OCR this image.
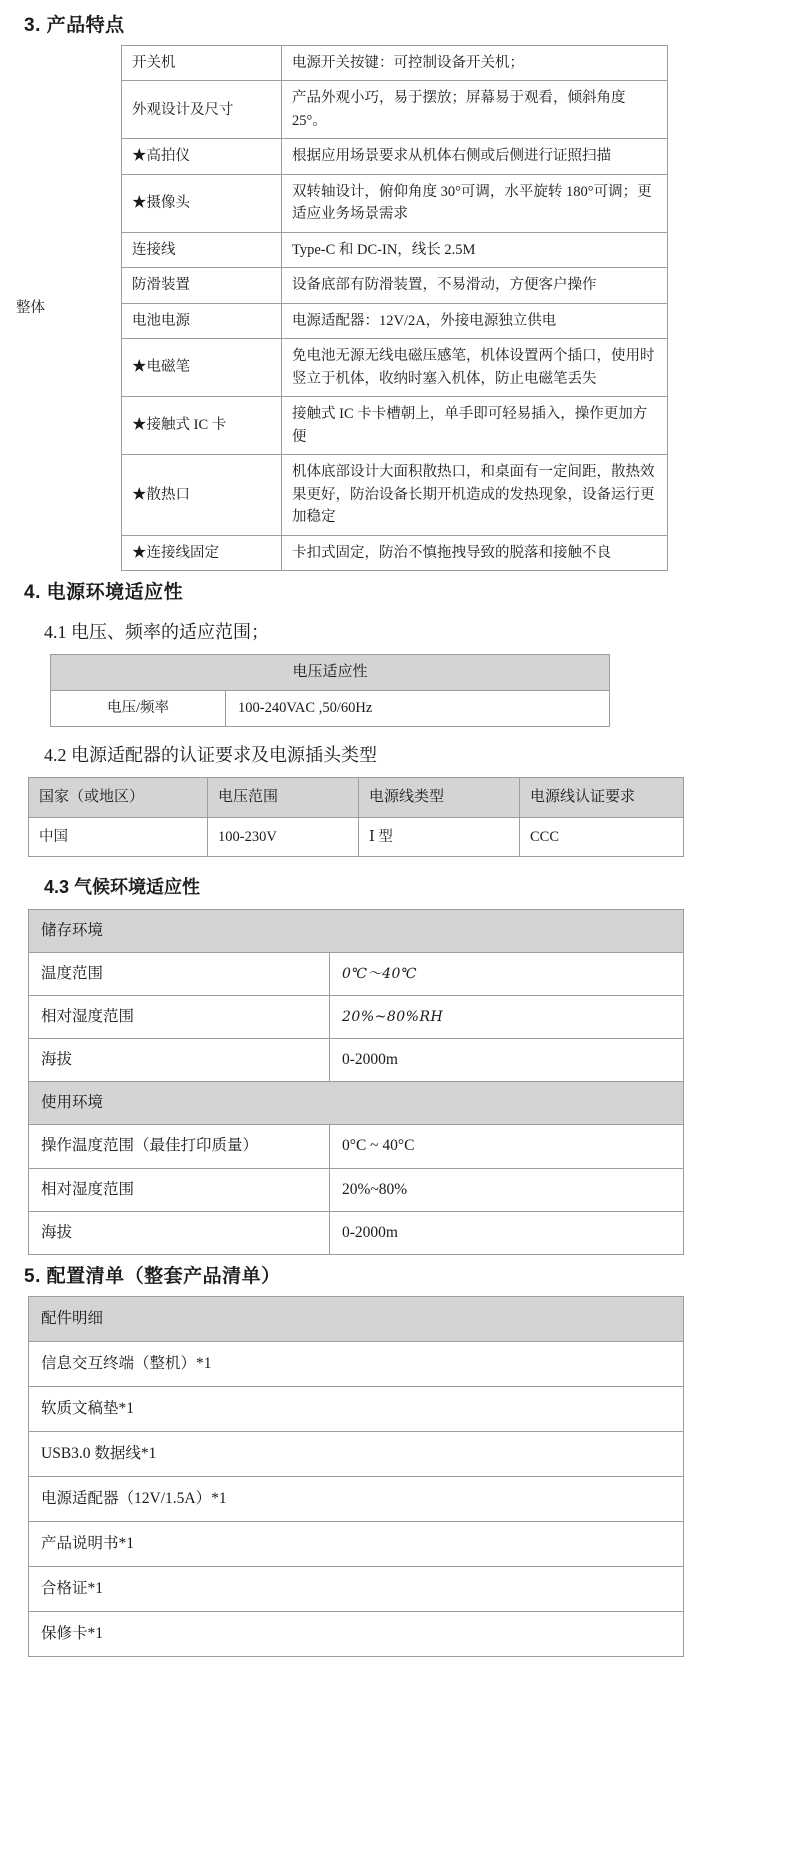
3. 产品特点
整体	开关机	电源开关按键：可控制设备开关机；
	外观设计及尺寸	产品外观小巧，易于摆放；屏幕易于观看，倾斜角度 25°。
	★高拍仪	根据应用场景要求从机体右侧或后侧进行证照扫描
	★摄像头	双转轴设计，俯仰角度 30°可调，水平旋转 180°可调；更适应业务场景需求
	连接线	Type-C 和 DC-IN，线长 2.5M
	防滑装置	设备底部有防滑装置，不易滑动，方便客户操作
	电池电源	电源适配器：12V/2A，外接电源独立供电
	★电磁笔	免电池无源无线电磁压感笔，机体设置两个插口，使用时竖立于机体，收纳时塞入机体，防止电磁笔丢失
	★接触式 IC 卡	接触式 IC 卡卡槽朝上，单手即可轻易插入，操作更加方便
	★散热口	机体底部设计大面积散热口，和桌面有一定间距，散热效果更好，防治设备长期开机造成的发热现象，设备运行更加稳定
	★连接线固定	卡扣式固定，防治不慎拖拽导致的脱落和接触不良
4. 电源环境适应性
4.1 电压、频率的适应范围；
电压适应性
电压/频率	100-240VAC ,50/60Hz
4.2 电源适配器的认证要求及电源插头类型
国家（或地区）	电压范围	电源线类型	电源线认证要求
中国	100-230V	Ⅰ 型	CCC
4.3 气候环境适应性
储存环境	
温度范围	0℃～40℃
相对湿度范围	20%~80%RH
海拔	0-2000m
使用环境	
操作温度范围（最佳打印质量）	0°C ~ 40°C
相对湿度范围	20%~80%
海拔	0-2000m
5. 配置清单（整套产品清单）
配件明细
信息交互终端（整机）*1
软质文稿垫*1
USB3.0 数据线*1
电源适配器（12V/1.5A）*1
产品说明书*1
合格证*1
保修卡*1
